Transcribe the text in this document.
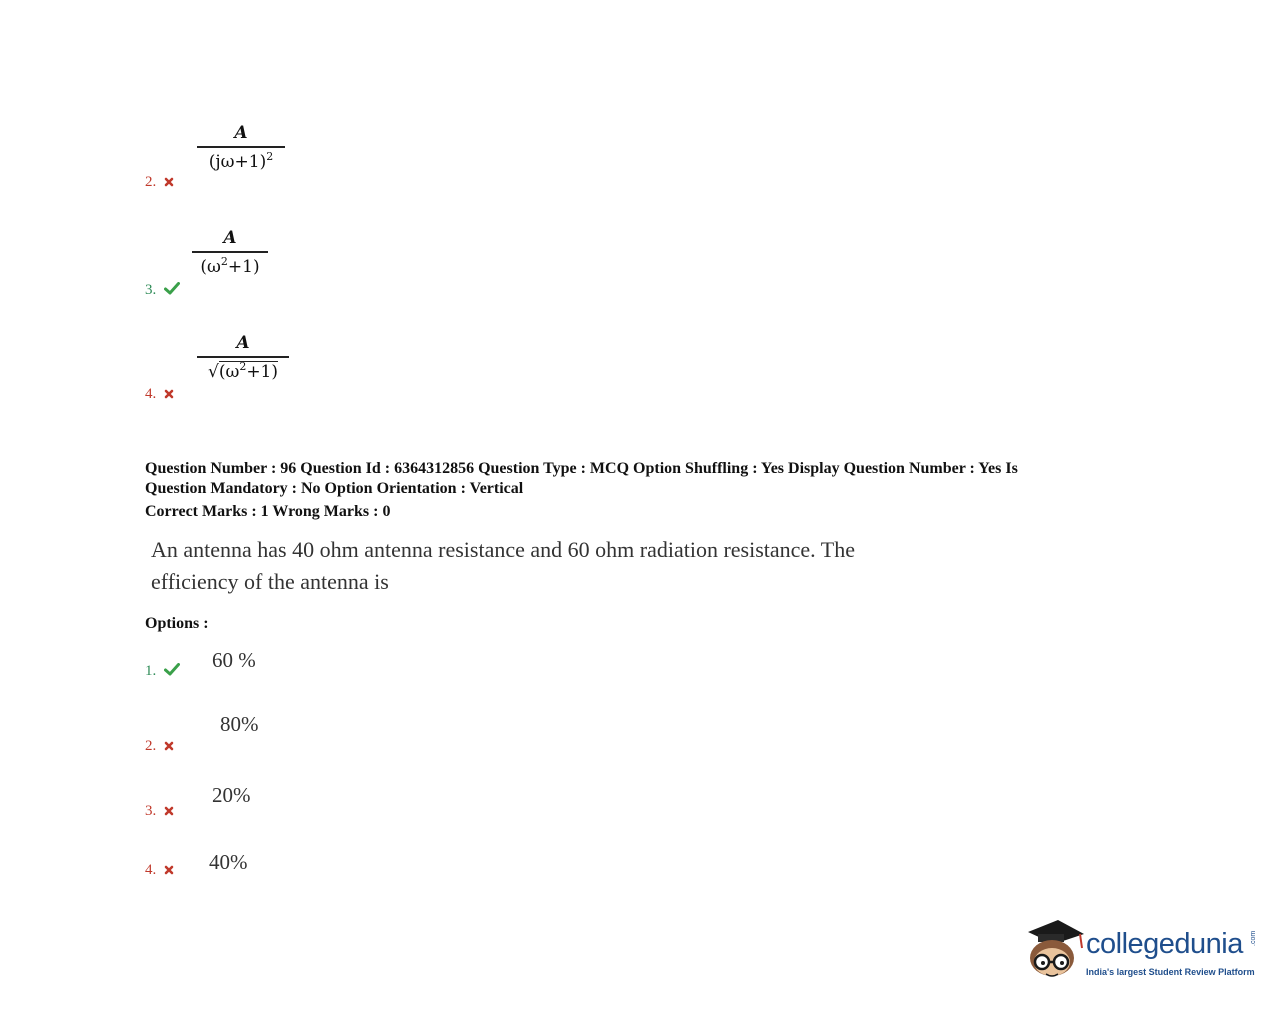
A
$(j\omega+1)^2$
2.
A
$(\omega^2+1)$
3.
A
$√(\omega^2+1)$
4.
Question Number : 96 Question Id : 6364312856 Question Type : MCQ Option Shuffling : Yes Display Question Number : Yes Is
Question Mandatory : No Option Orientation : Vertical
Correct Marks : 1 Wrong Marks : 0
An antenna has 40 ohm antenna resistance and 60 ohm radiation resistance. The
efficiency of the antenna is
Options :
1.	60 %
80%
2.
20%
3.
4.	40%
collegedunia .com
India's largest Student Review Platform
